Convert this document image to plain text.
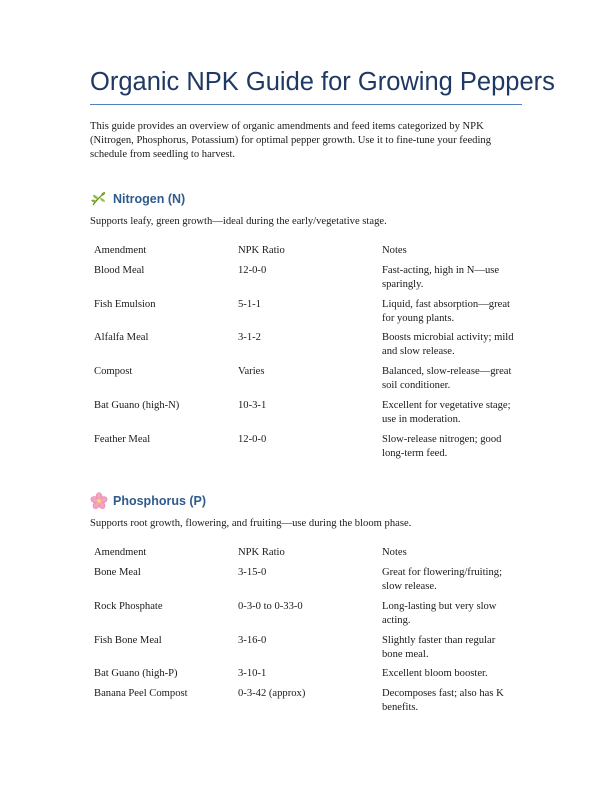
Organic NPK Guide for Growing Peppers

This guide provides an overview of organic amendments and feed items categorized by NPK (Nitrogen, Phosphorus, Potassium) for optimal pepper growth. Use it to fine-tune your feeding schedule from seedling to harvest.

Nitrogen (N)

Supports leafy, green growth—ideal during the early/vegetative stage.

Amendment	NPK Ratio	Notes
Blood Meal	12-0-0	Fast-acting, high in N—use sparingly.
Fish Emulsion	5-1-1	Liquid, fast absorption—great for young plants.
Alfalfa Meal	3-1-2	Boosts microbial activity; mild and slow release.
Compost	Varies	Balanced, slow-release—great soil conditioner.
Bat Guano (high-N)	10-3-1	Excellent for vegetative stage; use in moderation.
Feather Meal	12-0-0	Slow-release nitrogen; good long-term feed.
Phosphorus (P)

Supports root growth, flowering, and fruiting—use during the bloom phase.

Amendment	NPK Ratio	Notes
Bone Meal	3-15-0	Great for flowering/fruiting; slow release.
Rock Phosphate	0-3-0 to 0-33-0	Long-lasting but very slow acting.
Fish Bone Meal	3-16-0	Slightly faster than regular bone meal.
Bat Guano (high-P)	3-10-1	Excellent bloom booster.
Banana Peel Compost	0-3-42 (approx)	Decomposes fast; also has K benefits.
